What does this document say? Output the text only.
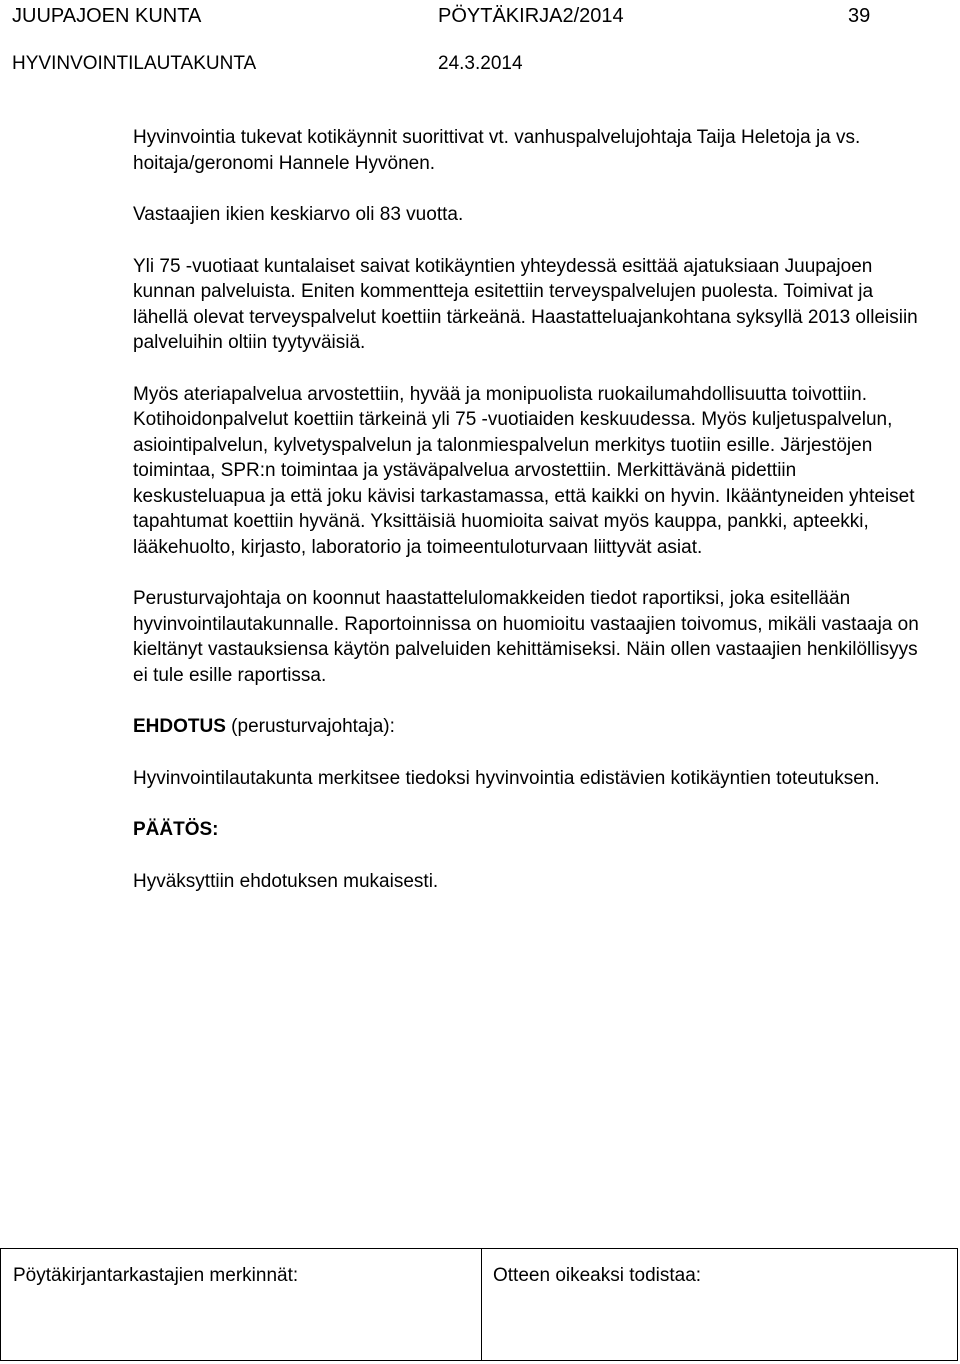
JUUPAJOEN KUNTA	PÖYTÄKIRJA2/2014	39
HYVINVOINTILAUTAKUNTA	24.3.2014

Hyvinvointia tukevat kotikäynnit suorittivat vt. vanhuspalvelujohtaja Taija Heletoja ja vs. hoitaja/geronomi Hannele Hyvönen.

Vastaajien ikien keskiarvo oli 83 vuotta.

Yli 75 -vuotiaat kuntalaiset saivat kotikäyntien yhteydessä esittää ajatuksiaan Juupajoen kunnan palveluista. Eniten kommentteja esitettiin terveyspalvelujen puolesta. Toimivat ja lähellä olevat terveyspalvelut koettiin tärkeänä. Haastatteluajankohtana syksyllä 2013 olleisiin palveluihin oltiin tyytyväisiä.

Myös ateriapalvelua arvostettiin, hyvää ja monipuolista ruokailumahdollisuutta toivottiin. Kotihoidonpalvelut koettiin tärkeinä yli 75 -vuotiaiden keskuudessa. Myös kuljetuspalvelun, asiointipalvelun, kylvetyspalvelun ja talonmiespalvelun merkitys tuotiin esille. Järjestöjen toimintaa, SPR:n toimintaa ja ystäväpalvelua arvostettiin. Merkittävänä pidettiin keskusteluapua ja että joku kävisi tarkastamassa, että kaikki on hyvin. Ikääntyneiden yhteiset tapahtumat koettiin hyvänä. Yksittäisiä huomioita saivat myös kauppa, pankki, apteekki, lääkehuolto, kirjasto, laboratorio ja toimeentuloturvaan liittyvät asiat.

Perusturvajohtaja on koonnut haastattelulomakkeiden tiedot raportiksi, joka esitellään hyvinvointilautakunnalle. Raportoinnissa on huomioitu vastaajien toivomus, mikäli vastaaja on kieltänyt vastauksiensa käytön palveluiden kehittämiseksi. Näin ollen vastaajien henkilöllisyys ei tule esille raportissa.

EHDOTUS (perusturvajohtaja):

Hyvinvointilautakunta merkitsee tiedoksi hyvinvointia edistävien kotikäyntien toteutuksen.

PÄÄTÖS:

Hyväksyttiin ehdotuksen mukaisesti.

Pöytäkirjantarkastajien merkinnät:	Otteen oikeaksi todistaa:
